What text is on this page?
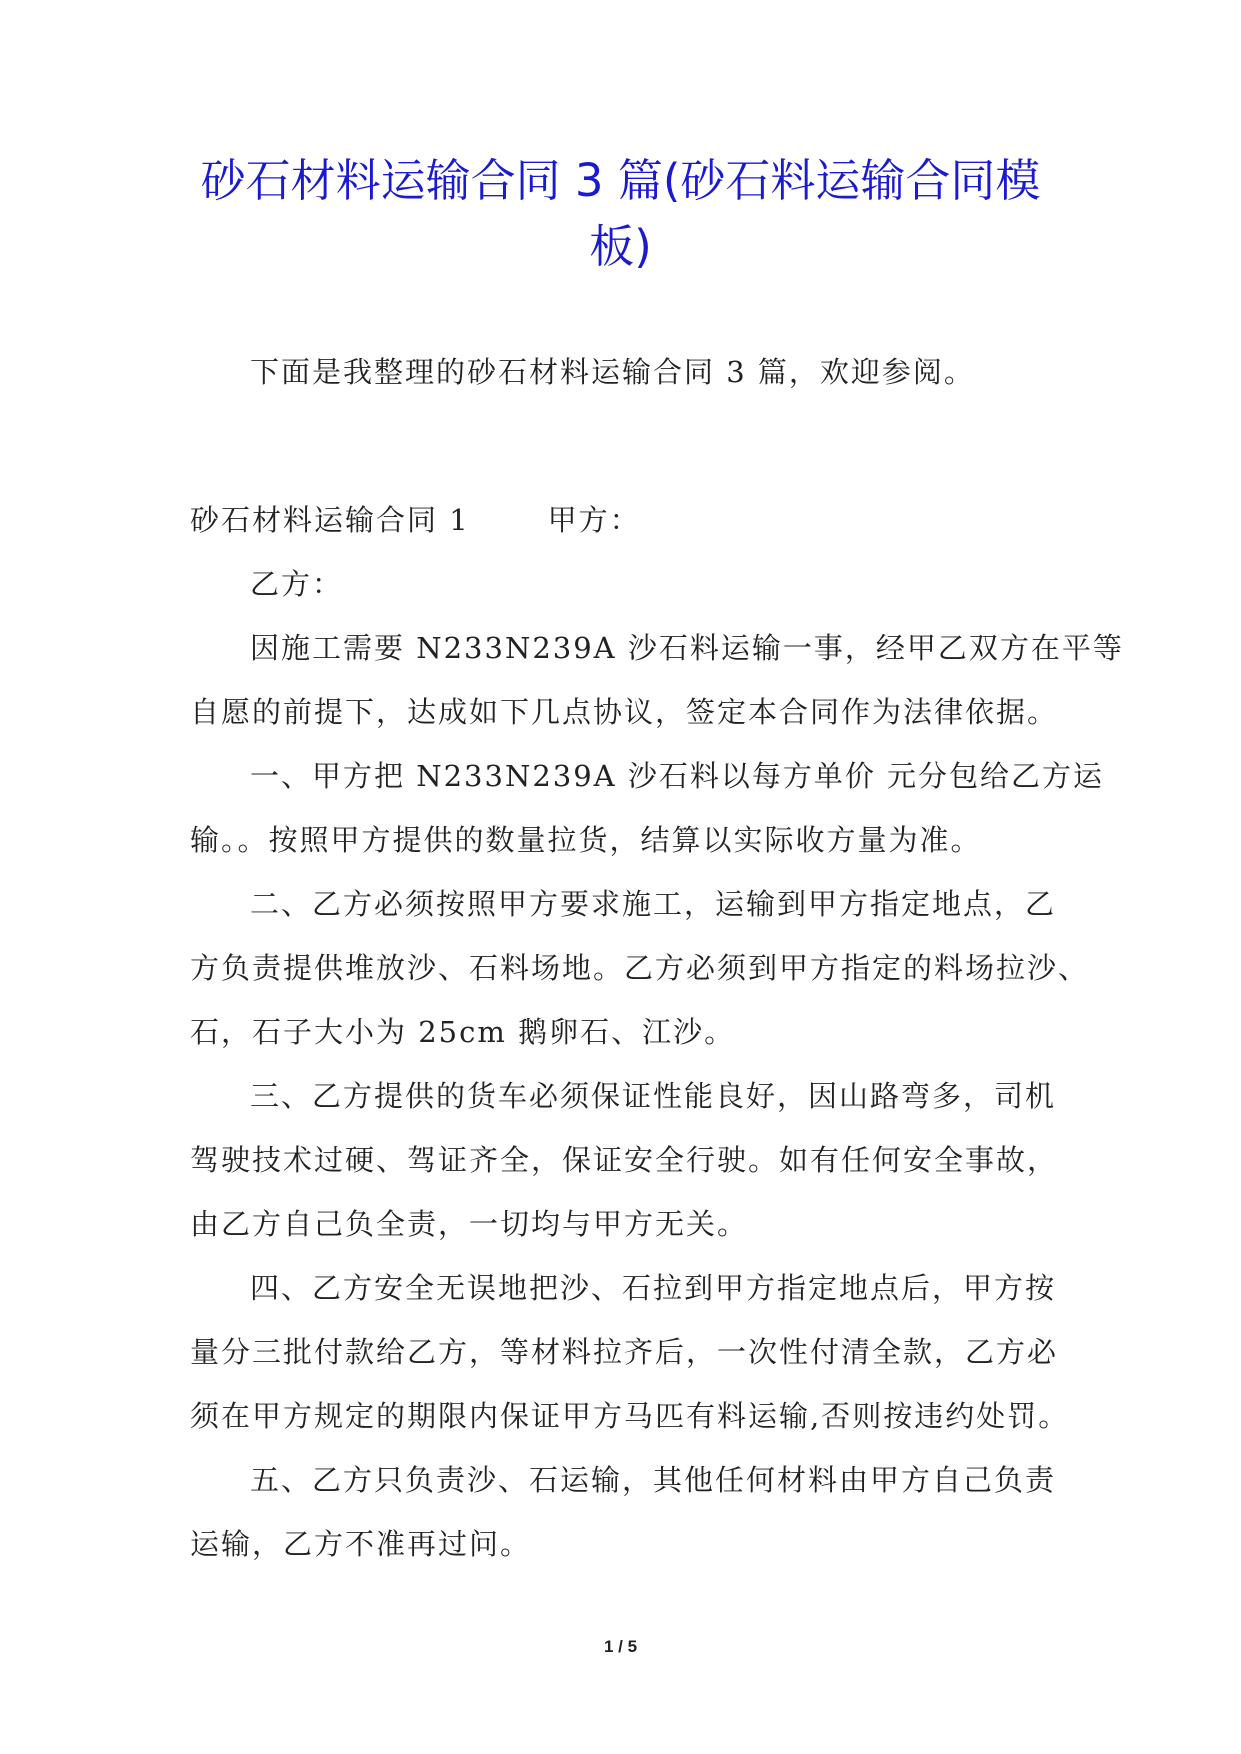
砂石材料运输合同 3 篇(砂石料运输合同模
板)

下面是我整理的砂石材料运输合同 3 篇，欢迎参阅。

砂石材料运输合同 1	甲方：

乙方：

因施工需要 N233N239A 沙石料运输一事，经甲乙双方在平等
自愿的前提下，达成如下几点协议，签定本合同作为法律依据。

一、甲方把 N233N239A 沙石料以每方单价 元分包给乙方运
输。。按照甲方提供的数量拉货，结算以实际收方量为准。

二、乙方必须按照甲方要求施工，运输到甲方指定地点，乙
方负责提供堆放沙、石料场地。乙方必须到甲方指定的料场拉沙、
石，石子大小为 25cm 鹅卵石、江沙。

三、乙方提供的货车必须保证性能良好，因山路弯多，司机
驾驶技术过硬、驾证齐全，保证安全行驶。如有任何安全事故，
由乙方自己负全责，一切均与甲方无关。

四、乙方安全无误地把沙、石拉到甲方指定地点后，甲方按
量分三批付款给乙方，等材料拉齐后，一次性付清全款，乙方必
须在甲方规定的期限内保证甲方马匹有料运输,否则按违约处罚。

五、乙方只负责沙、石运输，其他任何材料由甲方自己负责
运输，乙方不准再过问。

1 / 5
